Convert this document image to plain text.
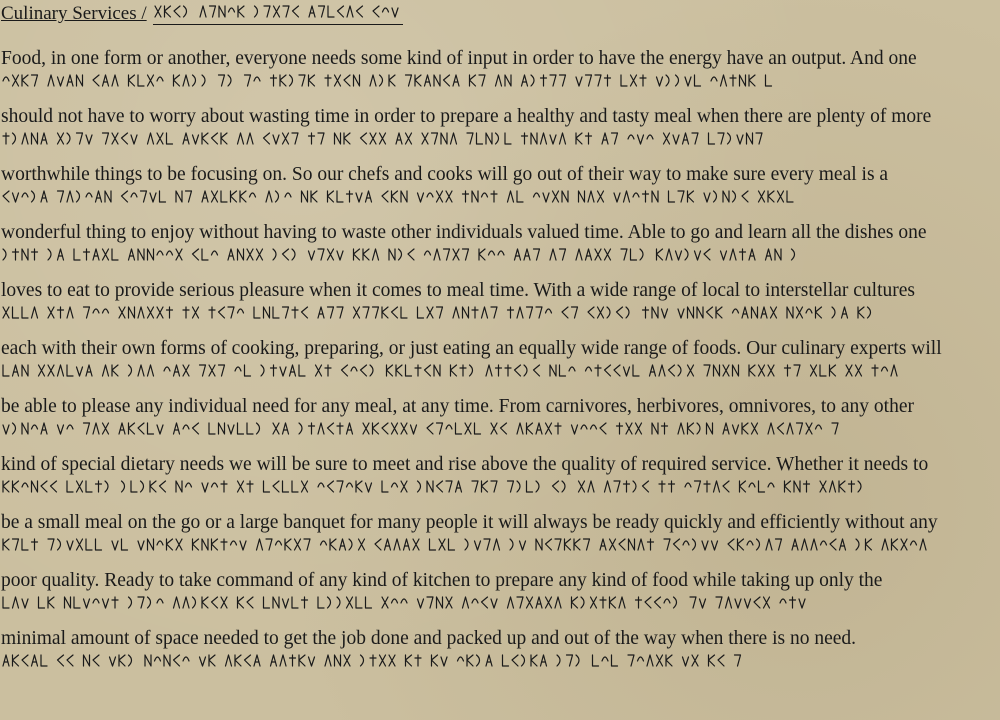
Culinary Services /
Food, in one form or another, everyone needs some kind of input in order to have the energy have an output. And one
should not have to worry about wasting time in order to prepare a healthy and tasty meal when there are plenty of more
worthwhile things to be focusing on. So our chefs and cooks will go out of their way to make sure every meal is a
wonderful thing to enjoy without having to waste other individuals valued time. Able to go and learn all the dishes one
loves to eat to provide serious pleasure when it comes to meal time. With a wide range of local to interstellar cultures
each with their own forms of cooking, preparing, or just eating an equally wide range of foods. Our culinary experts will
be able to please any individual need for any meal, at any time. From carnivores, herbivores, omnivores, to any other
kind of special dietary needs we will be sure to meet and rise above the quality of required service. Whether it needs to
be a small meal on the go or a large banquet for many people it will always be ready quickly and efficiently without any
poor quality. Ready to take command of any kind of kitchen to prepare any kind of food while taking up only the
minimal amount of space needed to get the job done and packed up and out of the way when there is no need.
